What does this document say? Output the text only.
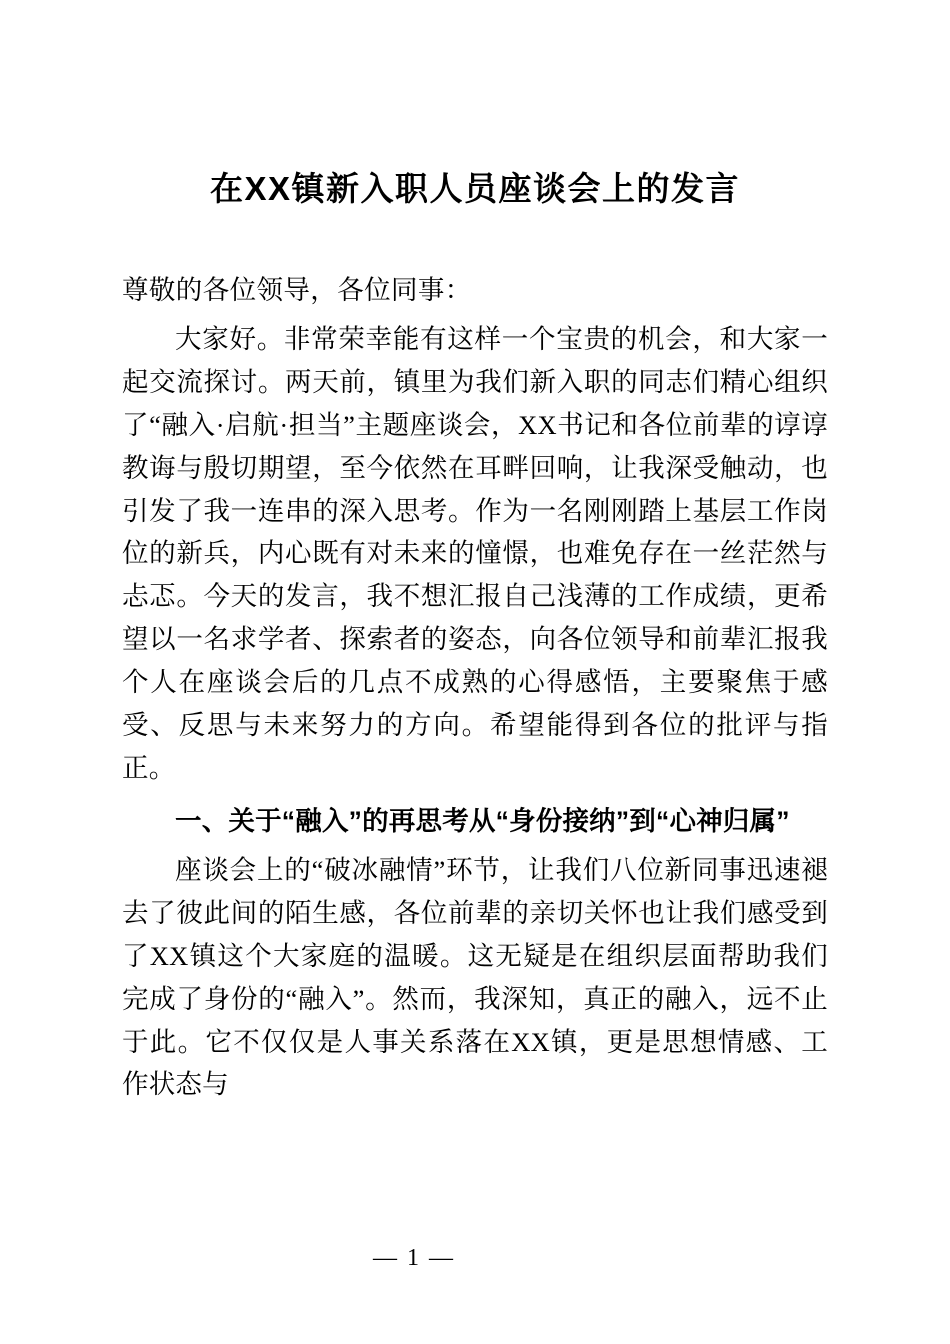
在XX镇新入职人员座谈会上的发言

尊敬的各位领导，各位同事：

大家好。非常荣幸能有这样一个宝贵的机会，和大家一起交流探讨。两天前，镇里为我们新入职的同志们精心组织了“融入·启航·担当”主题座谈会，XX书记和各位前辈的谆谆教诲与殷切期望，至今依然在耳畔回响，让我深受触动，也引发了我一连串的深入思考。作为一名刚刚踏上基层工作岗位的新兵，内心既有对未来的憧憬，也难免存在一丝茫然与忐忑。今天的发言，我不想汇报自己浅薄的工作成绩，更希望以一名求学者、探索者的姿态，向各位领导和前辈汇报我个人在座谈会后的几点不成熟的心得感悟，主要聚焦于感受、反思与未来努力的方向。希望能得到各位的批评与指正。

一、关于“融入”的再思考从“身份接纳”到“心神归属”

座谈会上的“破冰融情”环节，让我们八位新同事迅速褪去了彼此间的陌生感，各位前辈的亲切关怀也让我们感受到了XX镇这个大家庭的温暖。这无疑是在组织层面帮助我们完成了身份的“融入”。然而，我深知，真正的融入，远不止于此。它不仅仅是人事关系落在XX镇，更是思想情感、工作状态与

— 1 —
